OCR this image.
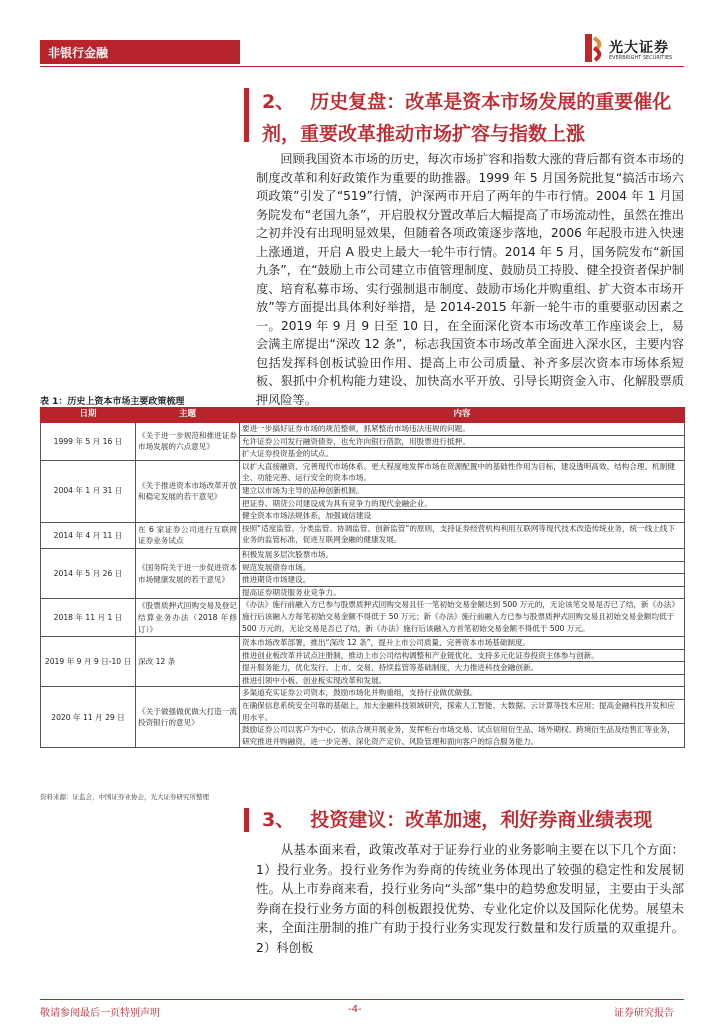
非银行金融	光大证券
EVERBRIGHT SECURITIES
2、 历史复盘：改革是资本市场发展的重要催化
剂，重要改革推动市场扩容与指数上涨

回顾我国资本市场的历史，每次市场扩容和指数大涨的背后都有资本市场的制度改革和利好政策作为重要的助推器。1999 年 5 月国务院批复“搞活市场六项政策”引发了“519”行情，沪深两市开启了两年的牛市行情。2004 年 1 月国务院发布“老国九条”，开启股权分置改革后大幅提高了市场流动性，虽然在推出之初并没有出现明显效果，但随着各项政策逐步落地，2006 年起股市进入快速上涨通道，开启 A 股史上最大一轮牛市行情。2014 年 5 月，国务院发布“新国九条”，在“鼓励上市公司建立市值管理制度、鼓励员工持股、健全投资者保护制度、培育私募市场、实行强制退市制度、鼓励市场化并购重组、扩大资本市场开放”等方面提出具体利好举措，是 2014-2015 年新一轮牛市的重要驱动因素之一。2019 年 9 月 9 日至 10 日，在全面深化资本市场改革工作座谈会上，易会满主席提出“深改 12 条”，标志我国资本市场改革全面进入深水区，主要内容包括发挥科创板试验田作用、提高上市公司质量、补齐多层次资本市场体系短板、狠抓中介机构能力建设、加快高水平开放、引导长期资金入市、化解股票质押风险等。

表 1：历史上资本市场主要政策梳理
日期	主题	内容
1999 年 5 月 16 日	《关于进一步规范和推进证券市场发展的六点意见》	要进一步搞好证券市场的规范整顿，抓紧整治市场违法违规的问题。
允许证券公司发行融资债券，也允许向银行借款，用股票进行抵押。
扩大证券投资基金的试点。

2004 年 1 月 31 日	《关于推进资本市场改革开放和稳定发展的若干意见》	以扩大直接融资、完善现代市场体系、更大程度地发挥市场在资源配置中的基础性作用为目标，建设透明高效、结构合理、机制健全、功能完善、运行安全的资本市场。
建立以市场为主导的品种创新机制。
把证券、期货公司建设成为具有竞争力的现代金融企业。
健全资本市场法规体系，加强诚信建设

2014 年 4 月 11 日	在 6 家证券公司进行互联网证券业务试点	按照“适度监管、分类监管、协调监管、创新监管”的原则，支持证券经营机构利用互联网等现代技术改造传统业务，统一线上线下业务的监管标准，促进互联网金融的健康发展。

2014 年 5 月 26 日	《国务院关于进一步促进资本市场健康发展的若干意见》	积极发展多层次股票市场。
规范发展债券市场。
推进期货市场建设。
提高证券期货服务业竞争力。

2018 年 11 月 1 日	《股票质押式回购交易及登记结算业务办法（2018 年修订）》	《办法》施行前融入方已参与股票质押式回购交易且任一笔初始交易金额达到 500 万元的，无论该笔交易是否已了结，新《办法》施行后该融入方每笔初始交易金额不得低于 50 万元；新《办法》施行前融入方已参与股票质押式回购交易且初始交易金额均低于 500 万元的，无论交易是否已了结，新《办法》施行后该融入方首笔初始交易金额不得低于 500 万元。

2019 年 9 月 9 日-10 日	深改 12 条	资本市场改革部署，推出“深改 12 条”，提升上市公司质量、完善资本市场基础制度。
推进创业板改革并试点注册制，推动上市公司结构调整和产业链优化，支持多元化证券投资主体参与创新。
提升服务能力，优化发行、上市、交易、持续监管等基础制度，大力推进科技金融创新。
推进引领中小板、创业板实现改革和发展。

2020 年 11 月 29 日	《关于做强做优做大打造一流投资银行的意见》	多渠道充实证券公司资本，鼓励市场化并购重组，支持行业做优做强。
在确保信息系统安全可靠的基础上，加大金融科技领域研究，探索人工智能、大数据、云计算等技术应用；提高金融科技开发和应用水平。
鼓励证券公司以客户为中心，依法合规开展业务，发挥柜台市场交易、试点信用衍生品、场外期权、跨境衍生品及结售汇等业务，研究推进并购融资，进一步完善、深化资产定价、风险管理和面向客户的综合服务能力。
资料来源：证监会，中国证券业协会，光大证券研究所整理
3、 投资建议：改革加速，利好券商业绩表现

从基本面来看，政策改革对于证券行业的业务影响主要在以下几个方面：1）投行业务。投行业务作为券商的传统业务体现出了较强的稳定性和发展韧性。从上市券商来看，投行业务向“头部”集中的趋势愈发明显，主要由于头部券商在投行业务方面的科创板跟投优势、专业化定价以及国际化优势。展望未来，全面注册制的推广有助于投行业务实现发行数量和发行质量的双重提升。2）科创板

敬请参阅最后一页特别声明	-4-	证券研究报告
